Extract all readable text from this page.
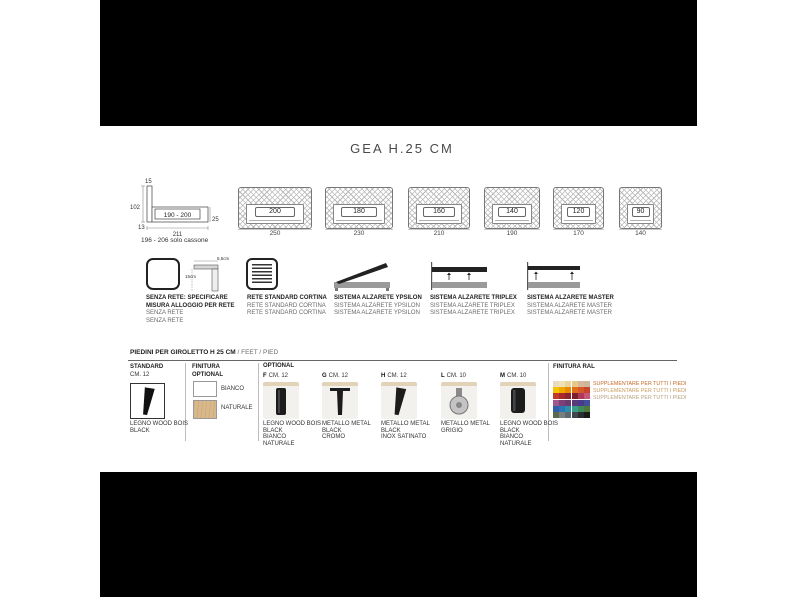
GEA H.25 CM
15
102
13
190 - 200
25
211
196 - 206 solo cassone
200
250
180
230
160
210
140
190
120
170
90
140
15cm
6,5cm
SENZA RETE: SPECIFICARE
MISURA ALLOGGIO PER RETE
SENZA RETE
SENZA RETE
RETE STANDARD CORTINA
RETE STANDARD CORTINA
RETE STANDARD CORTINA
SISTEMA ALZARETE YPSILON
SISTEMA ALZARETE YPSILON
SISTEMA ALZARETE YPSILON
SISTEMA ALZARETE TRIPLEX
SISTEMA ALZARETE TRIPLEX
SISTEMA ALZARETE TRIPLEX
SISTEMA ALZARETE MASTER
SISTEMA ALZARETE MASTER
SISTEMA ALZARETE MASTER
PIEDINI PER GIROLETTO H 25 CM / FEET / PIED
STANDARD
CM. 12
LEGNO WOOD BOIS
BLACK
FINITURA
OPTIONAL
BIANCO
NATURALE
OPTIONAL
F CM. 12
LEGNO WOOD BOIS
BLACK
BIANCO
NATURALE
G CM. 12
METALLO METAL
BLACK
CROMO
H CM. 12
METALLO METAL
BLACK
INOX SATINATO
L CM. 10
METALLO METAL
GRIGIO
M CM. 10
LEGNO WOOD BOIS
BLACK
BIANCO
NATURALE
FINITURA RAL
SUPPLEMENTARE PER TUTTI I PIEDI
SUPPLEMENTARE PER TUTTI I PIEDI
SUPPLEMENTARE PER TUTTI I PIEDI
